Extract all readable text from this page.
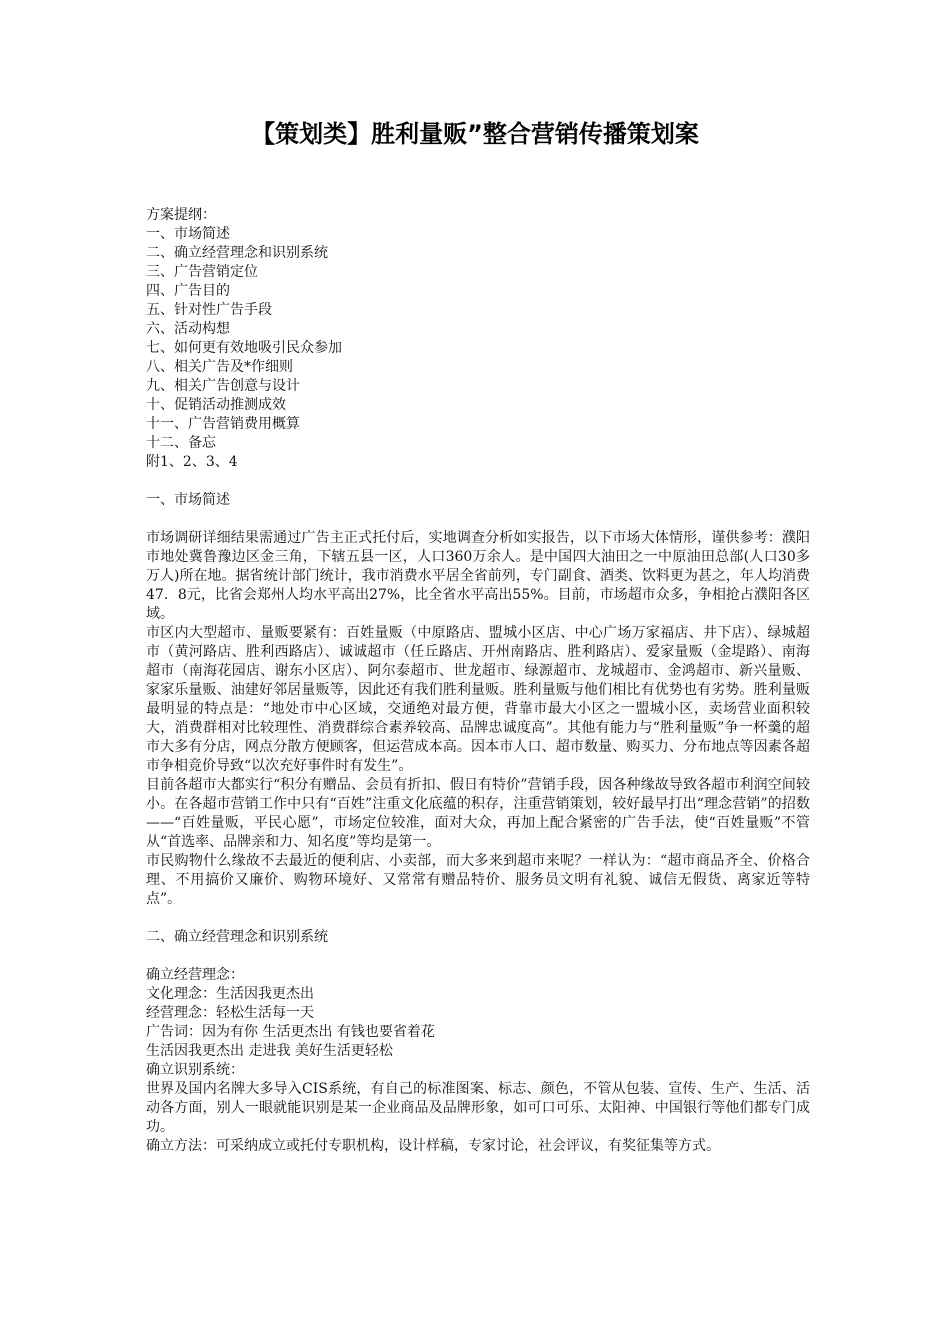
【策划类】胜利量贩”整合营销传播策划案
方案提纲：
一、市场简述
二、确立经营理念和识别系统
三、广告营销定位
四、广告目的
五、针对性广告手段
六、活动构想
七、如何更有效地吸引民众参加
八、相关广告及*作细则
九、相关广告创意与设计
十、促销活动推测成效
十一、广告营销费用概算
十二、备忘
附1、2、3、4
一、市场简述
市场调研详细结果需通过广告主正式托付后，实地调查分析如实报告，以下市场大体情形，谨供参考：濮阳市地处冀鲁豫边区金三角，下辖五县一区，人口360万余人。是中国四大油田之一中原油田总部(人口30多万人)所在地。据省统计部门统计，我市消费水平居全省前列，专门副食、酒类、饮料更为甚之，年人均消费47．8元，比省会郑州人均水平高出27%，比全省水平高出55%。目前，市场超市众多，争相抢占濮阳各区域。
市区内大型超市、量贩要紧有：百姓量贩（中原路店、盟城小区店、中心广场万家福店、井下店）、绿城超市（黄河路店、胜利西路店）、诚诚超市（任丘路店、开州南路店、胜利路店）、爱家量贩（金堤路）、南海超市（南海花园店、谢东小区店）、阿尔泰超市、世龙超市、绿源超市、龙城超市、金鸿超市、新兴量贩、家家乐量贩、油建好邻居量贩等，因此还有我们胜利量贩。胜利量贩与他们相比有优势也有劣势。胜利量贩最明显的特点是：“地处市中心区域，交通绝对最方便，背靠市最大小区之一盟城小区，卖场营业面积较大，消费群相对比较理性、消费群综合素养较高、品牌忠诚度高”。其他有能力与“胜利量贩”争一杯羹的超市大多有分店，网点分散方便顾客，但运营成本高。因本市人口、超市数量、购买力、分布地点等因素各超市争相竞价导致“以次充好事件时有发生”。
目前各超市大都实行“积分有赠品、会员有折扣、假日有特价”营销手段，因各种缘故导致各超市利润空间较小。在各超市营销工作中只有“百姓”注重文化底蕴的积存，注重营销策划，较好最早打出“理念营销”的招数——“百姓量贩，平民心愿”，市场定位较准，面对大众，再加上配合紧密的广告手法，使“百姓量贩”不管从“首选率、品牌亲和力、知名度”等均是第一。
市民购物什么缘故不去最近的便利店、小卖部，而大多来到超市来呢？一样认为：“超市商品齐全、价格合理、不用搞价又廉价、购物环境好、又常常有赠品特价、服务员文明有礼貌、诚信无假货、离家近等特点”。
二、确立经营理念和识别系统
确立经营理念：
文化理念：生活因我更杰出
经营理念：轻松生活每一天
广告词：因为有你 生活更杰出 有钱也要省着花
生活因我更杰出 走进我 美好生活更轻松
确立识别系统：
世界及国内名牌大多导入CIS系统，有自己的标准图案、标志、颜色，不管从包装、宣传、生产、生活、活动各方面，别人一眼就能识别是某一企业商品及品牌形象，如可口可乐、太阳神、中国银行等他们都专门成功。
确立方法：可采纳成立或托付专职机构，设计样稿，专家讨论，社会评议，有奖征集等方式。
